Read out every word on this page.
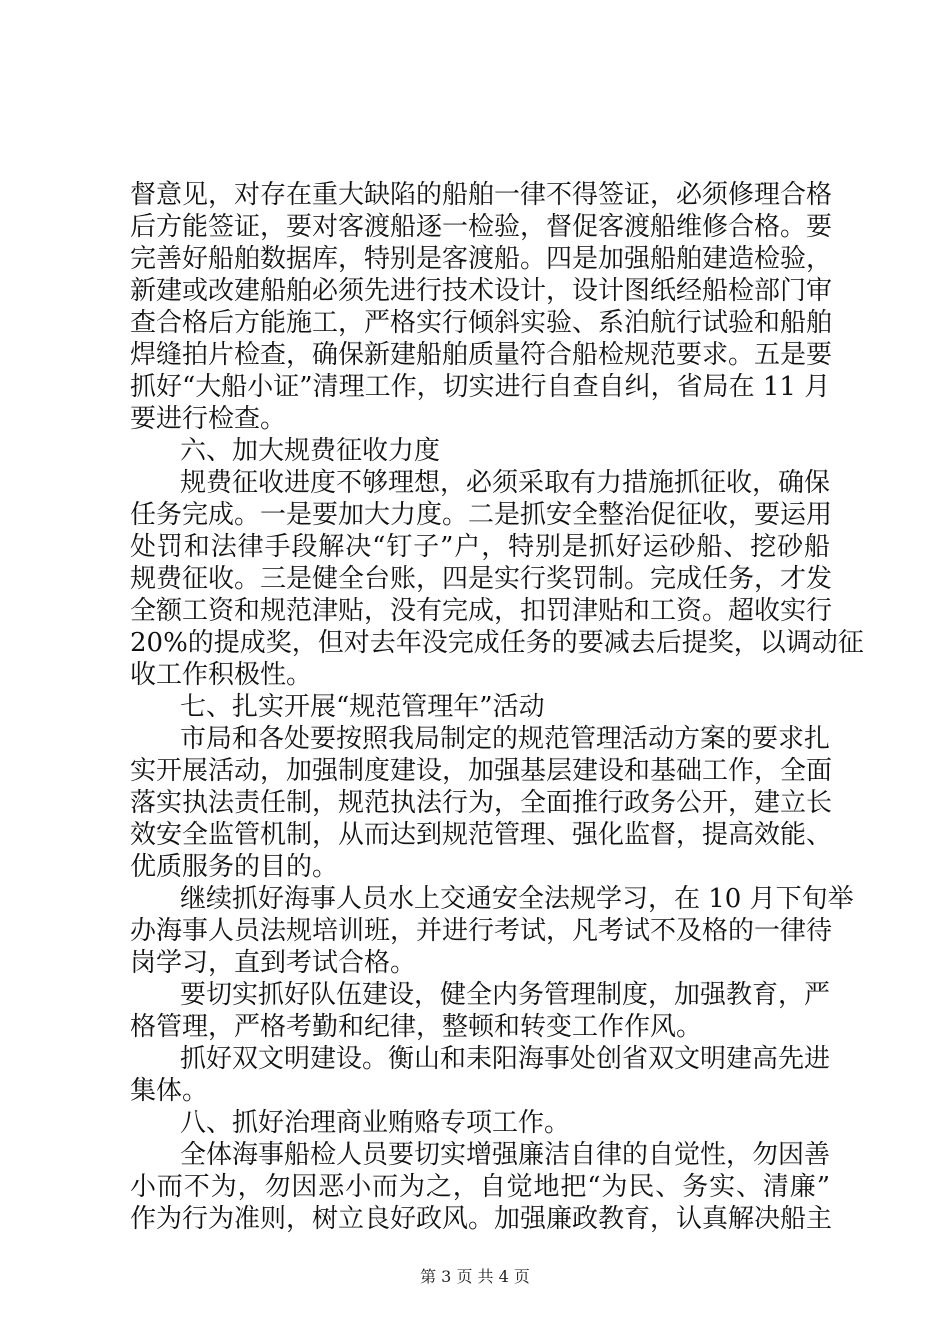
督意见，对存在重大缺陷的船舶一律不得签证，必须修理合格
后方能签证，要对客渡船逐一检验，督促客渡船维修合格。要
完善好船舶数据库，特别是客渡船。四是加强船舶建造检验，
新建或改建船舶必须先进行技术设计，设计图纸经船检部门审
查合格后方能施工，严格实行倾斜实验、系泊航行试验和船舶
焊缝拍片检查，确保新建船舶质量符合船检规范要求。五是要
抓好“大船小证”清理工作，切实进行自查自纠，省局在 11 月
要进行检查。
六、加大规费征收力度
规费征收进度不够理想，必须采取有力措施抓征收，确保
任务完成。一是要加大力度。二是抓安全整治促征收，要运用
处罚和法律手段解决“钉子”户，特别是抓好运砂船、挖砂船
规费征收。三是健全台账，四是实行奖罚制。完成任务，才发
全额工资和规范津贴，没有完成，扣罚津贴和工资。超收实行
20%的提成奖，但对去年没完成任务的要减去后提奖，以调动征
收工作积极性。
七、扎实开展“规范管理年”活动
市局和各处要按照我局制定的规范管理活动方案的要求扎
实开展活动，加强制度建设，加强基层建设和基础工作，全面
落实执法责任制，规范执法行为，全面推行政务公开，建立长
效安全监管机制，从而达到规范管理、强化监督，提高效能、
优质服务的目的。
继续抓好海事人员水上交通安全法规学习，在 10 月下旬举
办海事人员法规培训班，并进行考试，凡考试不及格的一律待
岗学习，直到考试合格。
要切实抓好队伍建设，健全内务管理制度，加强教育，严
格管理，严格考勤和纪律，整顿和转变工作作风。
抓好双文明建设。衡山和耒阳海事处创省双文明建高先进
集体。
八、抓好治理商业贿赂专项工作。
全体海事船检人员要切实增强廉洁自律的自觉性，勿因善
小而不为，勿因恶小而为之，自觉地把“为民、务实、清廉”
作为行为准则，树立良好政风。加强廉政教育，认真解决船主
第 3 页 共 4 页
